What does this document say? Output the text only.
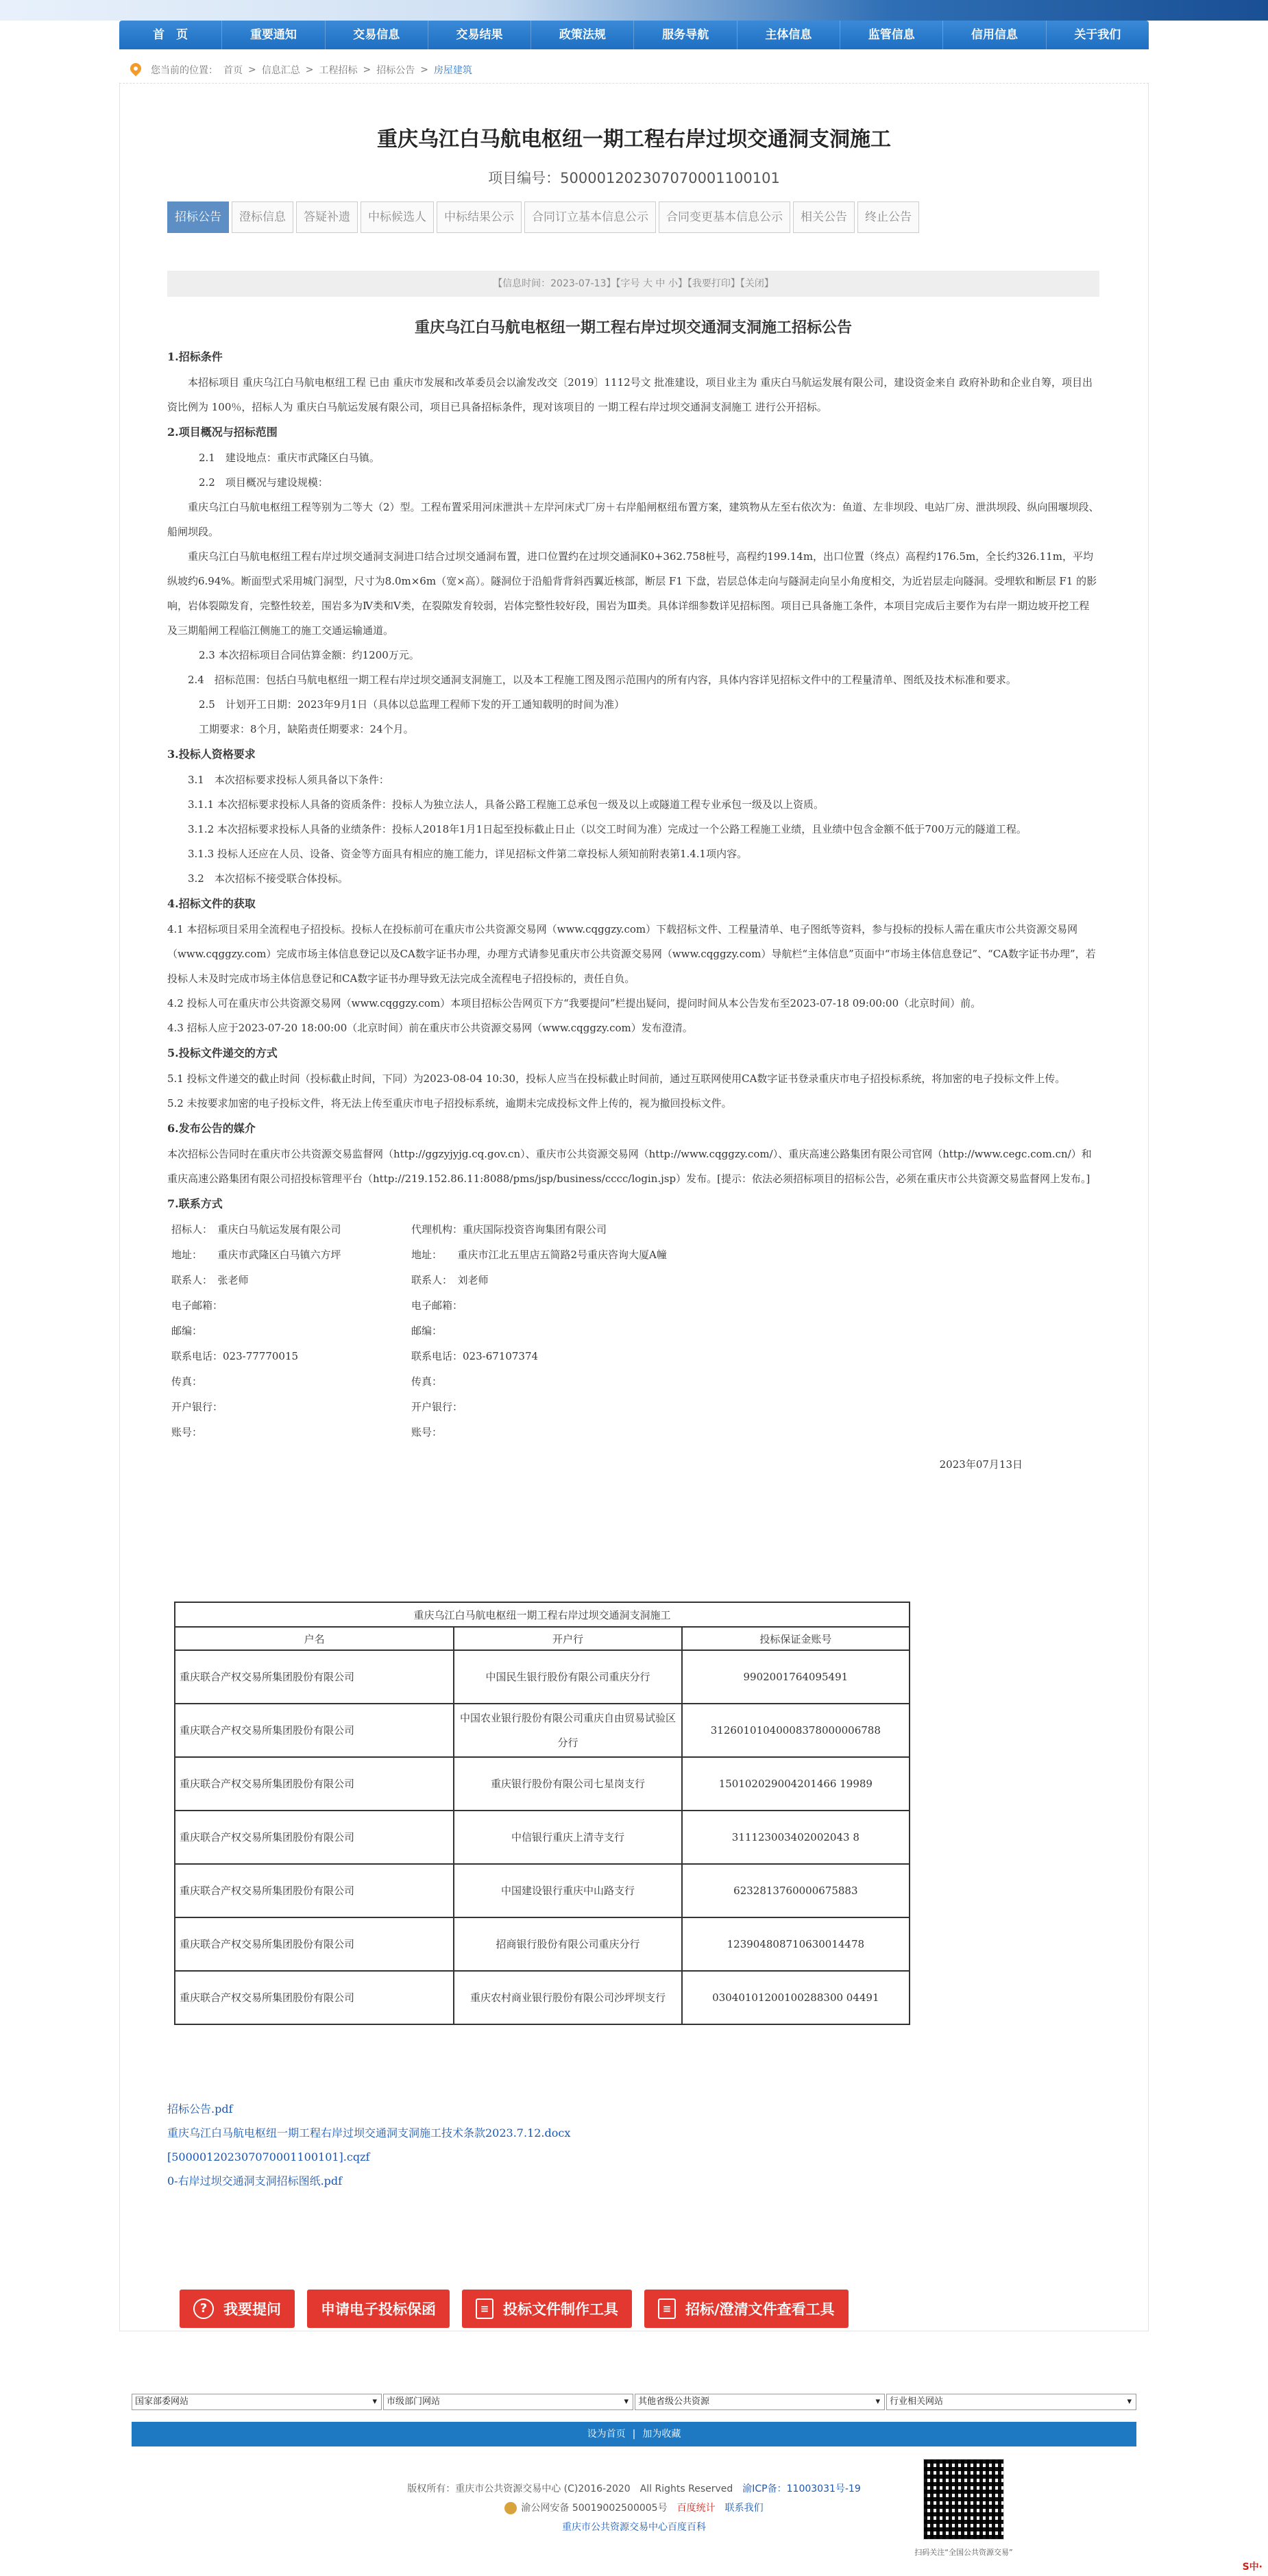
首　页	重要通知	交易信息	交易结果	政策法规	服务导航	主体信息	监管信息	信用信息	关于我们
您当前的位置： 首页 > 信息汇总 > 工程招标 > 招标公告 > 房屋建筑
重庆乌江白马航电枢纽一期工程右岸过坝交通洞支洞施工
项目编号：500001202307070001100101
招标公告	澄标信息	答疑补遗	中标候选人	中标结果公示	合同订立基本信息公示	合同变更基本信息公示	相关公告	终止公告
【信息时间：2023-07-13】【字号 大 中 小】【我要打印】【关闭】
重庆乌江白马航电枢纽一期工程右岸过坝交通洞支洞施工招标公告
1.招标条件

　　本招标项目 重庆乌江白马航电枢纽工程 已由 重庆市发展和改革委员会以渝发改交〔2019〕1112号文 批准建设，项目业主为 重庆白马航运发展有限公司，建设资金来自 政府补助和企业自筹，项目出资比例为 100％，招标人为 重庆白马航运发展有限公司，项目已具备招标条件，现对该项目的 一期工程右岸过坝交通洞支洞施工 进行公开招标。

2.项目概况与招标范围

2.1　建设地点：重庆市武隆区白马镇。

2.2　项目概况与建设规模：

　　重庆乌江白马航电枢纽工程等别为二等大（2）型。工程布置采用河床泄洪＋左岸河床式厂房＋右岸船闸枢纽布置方案，建筑物从左至右依次为：鱼道、左非坝段、电站厂房、泄洪坝段、纵向围堰坝段、船闸坝段。

　　重庆乌江白马航电枢纽工程右岸过坝交通洞支洞进口结合过坝交通洞布置，进口位置约在过坝交通洞K0+362.758桩号，高程约199.14m，出口位置（终点）高程约176.5m，全长约326.11m，平均纵坡约6.94%。断面型式采用城门洞型，尺寸为8.0m×6m（宽×高）。隧洞位于沿船背背斜西翼近核部，断层 F1 下盘，岩层总体走向与隧洞走向呈小角度相交，为近岩层走向隧洞。受埋软和断层 F1 的影响，岩体裂隙发育，完整性较差，围岩多为Ⅳ类和Ⅴ类，在裂隙发育较弱，岩体完整性较好段，围岩为Ⅲ类。具体详细参数详见招标图。项目已具备施工条件，本项目完成后主要作为右岸一期边坡开挖工程及三期船闸工程临江侧施工的施工交通运输通道。

2.3 本次招标项目合同估算金额：约1200万元。

　　2.4　招标范围：包括白马航电枢纽一期工程右岸过坝交通洞支洞施工，以及本工程施工图及图示范围内的所有内容，具体内容详见招标文件中的工程量清单、图纸及技术标准和要求。

2.5　计划开工日期：2023年9月1日（具体以总监理工程师下发的开工通知载明的时间为准）

工期要求：8个月，缺陷责任期要求：24个月。

3.投标人资格要求

3.1　本次招标要求投标人须具备以下条件：

3.1.1 本次招标要求投标人具备的资质条件：投标人为独立法人，具备公路工程施工总承包一级及以上或隧道工程专业承包一级及以上资质。

3.1.2 本次招标要求投标人具备的业绩条件：投标人2018年1月1日起至投标截止日止（以交工时间为准）完成过一个公路工程施工业绩，且业绩中包含金额不低于700万元的隧道工程。

3.1.3 投标人还应在人员、设备、资金等方面具有相应的施工能力，详见招标文件第二章投标人须知前附表第1.4.1项内容。

3.2　本次招标不接受联合体投标。

4.招标文件的获取

4.1 本招标项目采用全流程电子招投标。投标人在投标前可在重庆市公共资源交易网（www.cqggzy.com）下载招标文件、工程量清单、电子图纸等资料，参与投标的投标人需在重庆市公共资源交易网（www.cqggzy.com）完成市场主体信息登记以及CA数字证书办理，办理方式请参见重庆市公共资源交易网（www.cqggzy.com）导航栏“主体信息”页面中“市场主体信息登记”、“CA数字证书办理”，若投标人未及时完成市场主体信息登记和CA数字证书办理导致无法完成全流程电子招投标的，责任自负。

4.2 投标人可在重庆市公共资源交易网（www.cqggzy.com）本项目招标公告网页下方“我要提问”栏提出疑问，提问时间从本公告发布至2023-07-18 09:00:00（北京时间）前。

4.3 招标人应于2023-07-20 18:00:00（北京时间）前在重庆市公共资源交易网（www.cqggzy.com）发布澄清。

5.投标文件递交的方式

5.1 投标文件递交的截止时间（投标截止时间，下同）为2023-08-04 10:30，投标人应当在投标截止时间前，通过互联网使用CA数字证书登录重庆市电子招投标系统，将加密的电子投标文件上传。

5.2 未按要求加密的电子投标文件，将无法上传至重庆市电子招投标系统，逾期未完成投标文件上传的，视为撤回投标文件。

6.发布公告的媒介

本次招标公告同时在重庆市公共资源交易监督网（http://ggzyjyjg.cq.gov.cn）、重庆市公共资源交易网（http://www.cqggzy.com/）、重庆高速公路集团有限公司官网（http://www.cegc.com.cn/）和重庆高速公路集团有限公司招投标管理平台（http://219.152.86.11:8088/pms/jsp/business/cccc/login.jsp）发布。[提示：依法必须招标项目的招标公告，必须在重庆市公共资源交易监督网上发布。]

7.联系方式
招标人：　重庆白马航运发展有限公司	代理机构：重庆国际投资咨询集团有限公司
地址：　　重庆市武隆区白马镇六方坪	地址：　　重庆市江北五里店五简路2号重庆咨询大厦A幢
联系人：　张老师	联系人：　刘老师
电子邮箱：	电子邮箱：
邮编：	邮编：
联系电话：023-77770015	联系电话：023-67107374
传真：	传真：
开户银行：	开户银行：
账号：	账号：

2023年07月13日

重庆乌江白马航电枢纽一期工程右岸过坝交通洞支洞施工		
户名	开户行	投标保证金账号
重庆联合产权交易所集团股份有限公司	中国民生银行股份有限公司重庆分行	9902001764095491
重庆联合产权交易所集团股份有限公司	中国农业银行股份有限公司重庆自由贸易试验区分行	31260101040008378000006788
重庆联合产权交易所集团股份有限公司	重庆银行股份有限公司七星岗支行	150102029004201466 19989
重庆联合产权交易所集团股份有限公司	中信银行重庆上清寺支行	311123003402002043 8
重庆联合产权交易所集团股份有限公司	中国建设银行重庆中山路支行	6232813760000675883
重庆联合产权交易所集团股份有限公司	招商银行股份有限公司重庆分行	123904808710630014478
重庆联合产权交易所集团股份有限公司	重庆农村商业银行股份有限公司沙坪坝支行	03040101200100288300 04491
招标公告.pdf
重庆乌江白马航电枢纽一期工程右岸过坝交通洞支洞施工技术条款2023.7.12.docx
[500001202307070001100101].cqzf
0-右岸过坝交通洞支洞招标图纸.pdf
?	我要提问	申请电子投标保函	≡ 投标文件制作工具	≡ 招标/澄清文件查看工具
国家部委网站 ▾	市级部门网站 ▾	其他省级公共资源 ▾	行业相关网站 ▾
设为首页 | 加为收藏
版权所有：重庆市公共资源交易中心 (C)2016-2020　All Rights Reserved　 渝ICP备：11003031号-19
渝公网安备 50019002500005号　 百度统计　 联系我们
重庆市公共资源交易中心百度百科
扫码关注“全国公共资源交易”
S中·
